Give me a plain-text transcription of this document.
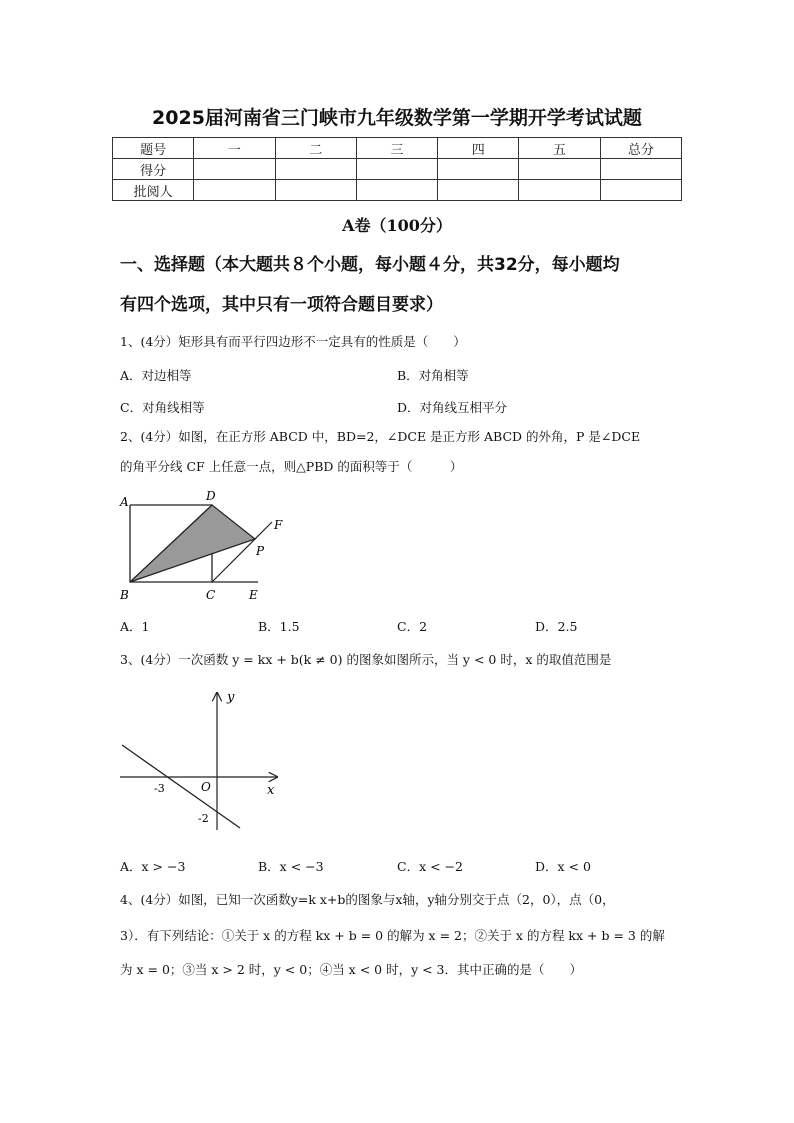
2025届河南省三门峡市九年级数学第一学期开学考试试题
题号	一	二	三	四	五	总分
得分						
批阅人						
A卷（100分）
一、选择题（本大题共８个小题，每小题４分，共32分，每小题均
有四个选项，其中只有一项符合题目要求）
1、(4分）矩形具有而平行四边形不一定具有的性质是（　　）
A．对边相等	B．对角相等
C．对角线相等	D．对角线互相平分
2、(4分）如图，在正方形 ABCD 中，BD=2，∠DCE 是正方形 ABCD 的外角，P 是∠DCE
的角平分线 CF 上任意一点，则△PBD 的面积等于（　　　）
A	D
F
P
B	C	E
A．1	B．1.5	C．2	D．2.5
3、(4分）一次函数 y = kx + b(k ≠ 0) 的图象如图所示，当 y < 0 时，x 的取值范围是
y
x
O
-3
-2
A．x > −3	B．x < −3	C．x < −2	D．x < 0
4、(4分）如图，已知一次函数y=k x+b的图象与x轴，y轴分别交于点（2，0），点（0，
3）．有下列结论：①关于 x 的方程 kx + b = 0 的解为 x = 2；②关于 x 的方程 kx + b = 3 的解
为 x = 0；③当 x > 2 时，y < 0；④当 x < 0 时，y < 3．其中正确的是（　　）
